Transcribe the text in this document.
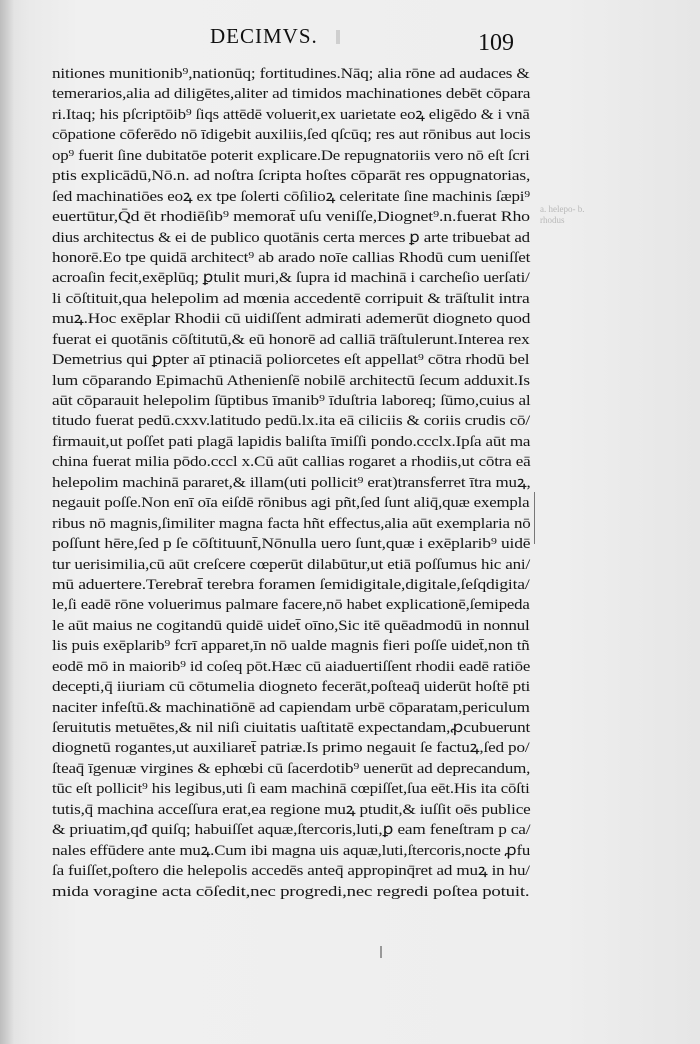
DECIMVS.	109
nitiones munitionib⁹,nationūq; fortitudines.Nāq; alia rōne ad audaces &
temerarios,alia ad diligētes,aliter ad timidos machinationes debēt cōpara
ri.Itaq; his pſcriptōib⁹ ſiqs attēdē voluerit,ex uarietate eoꝝ eligēdo & i vnā
cōpatione cōferēdo nō īdigebit auxiliis,ſed qſcūq; res aut rōnibus aut locis
op⁹ fuerit ſine dubitatōe poterit explicare.De repugnatoriis vero nō eſt ſcri
ptis explicādū,Nō.n. ad noſtra ſcripta hoſtes cōparāt res oppugnatorias,
ſed machinatiōes eoꝝ ex tpe ſolerti cōſilioꝝ celeritate ſine machinis ſæpi⁹
euertūtur,Q̄d ēt rhodiēſib⁹ memorat̄ uſu veniſſe,Diognet⁹.n.fuerat Rho
dius architectus & ei de publico quotānis certa merces ꝑ arte tribuebat ad
honorē.Eo tpe quidā architect⁹ ab arado noīe callias Rhodū cum ueniſſet
acroaſin fecit,exēplūq; ꝑtulit muri,& ſupra id machinā i carcheſio uerſati/
li cōſtituit,qua helepolim ad mœnia accedentē corripuit & trāſtulit intra
muꝝ.Hoc exēplar Rhodii cū uidiſſent admirati ademerūt diogneto quod
fuerat ei quotānis cōſtitutū,& eū honorē ad calliā trāſtulerunt.Interea rex
Demetrius qui ꝑpter aī ptinaciā poliorcetes eſt appellat⁹ cōtra rhodū bel
lum cōparando Epimachū Athenienſē nobilē architectū ſecum adduxit.Is
aūt cōparauit helepolim ſūptibus īmanib⁹ īduſtria laboreq; ſūmo,cuius al
titudo fuerat pedū.cxxv.latitudo pedū.lx.ita eā ciliciis & coriis crudis cō/
firmauit,ut poſſet pati plagā lapidis baliſta īmiſſi pondo.ccclx.Ipſa aūt ma
china fuerat milia pōdo.cccl x.Cū aūt callias rogaret a rhodiis,ut cōtra eā
helepolim machinā pararet,& illam(uti pollicit⁹ erat)transferret ītra muꝝ,
negauit poſſe.Non enī oīa eiſdē rōnibus agi pñt,ſed ſunt aliq̄,quæ exempla
ribus nō magnis,ſimiliter magna facta hñt effectus,alia aūt exemplaria nō
poſſunt hēre,ſed p ſe cōſtituunt̄,Nōnulla uero ſunt,quæ i exēplarib⁹ uidē
tur uerisimilia,cū aūt creſcere cœperūt dilabūtur,ut etiā poſſumus hic ani/
mū aduertere.Terebrat̄ terebra foramen ſemidigitale,digitale,ſeſqdigita/
le,ſi eadē rōne voluerimus palmare facere,nō habet explicationē,ſemipeda
le aūt maius ne cogitandū quidē uidet̄ oīno,Sic itē quēadmodū in nonnul
lis puis exēplarib⁹ fcrī apparet,īn nō ualde magnis fieri poſſe uidet̄,non tñ
eodē mō in maiorib⁹ id coſeq pōt.Hæc cū aiaduertiſſent rhodii eadē ratiōe
decepti,q̄ iiuriam cū cōtumelia diogneto fecerāt,poſteaq̄ uiderūt hoſtē pti
naciter infeſtū.& machinatiōnē ad capiendam urbē cōparatam,periculum
ſeruitutis metuētes,& nil niſi ciuitatis uaſtitatē expectandam,ꝓcubuerunt
diognetū rogantes,ut auxiliaret̄ patriæ.Is primo negauit ſe factuꝝ,ſed po/
ſteaq̄ īgenuæ virgines & ephœbi cū ſacerdotib⁹ uenerūt ad deprecandum,
tūc eſt pollicit⁹ his legibus,uti ſi eam machinā cœpiſſet,ſua eēt.His ita cōſti
tutis,q̄ machina acceſſura erat,ea regione muꝝ ptudit,& iuſſit oēs publice
& priuatim,qđ quiſq; habuiſſet aquæ,ſtercoris,luti,ꝑ eam feneſtram p ca/
nales effūdere ante muꝝ.Cum ibi magna uis aquæ,luti,ſtercoris,nocte ꝓfu
ſa fuiſſet,poſtero die helepolis accedēs anteq̄ appropinq̄ret ad muꝝ in hu/
mida voragine acta cōſedit,nec progredi,nec regredi poſtea potuit.
a. helepo- b. rhodus
